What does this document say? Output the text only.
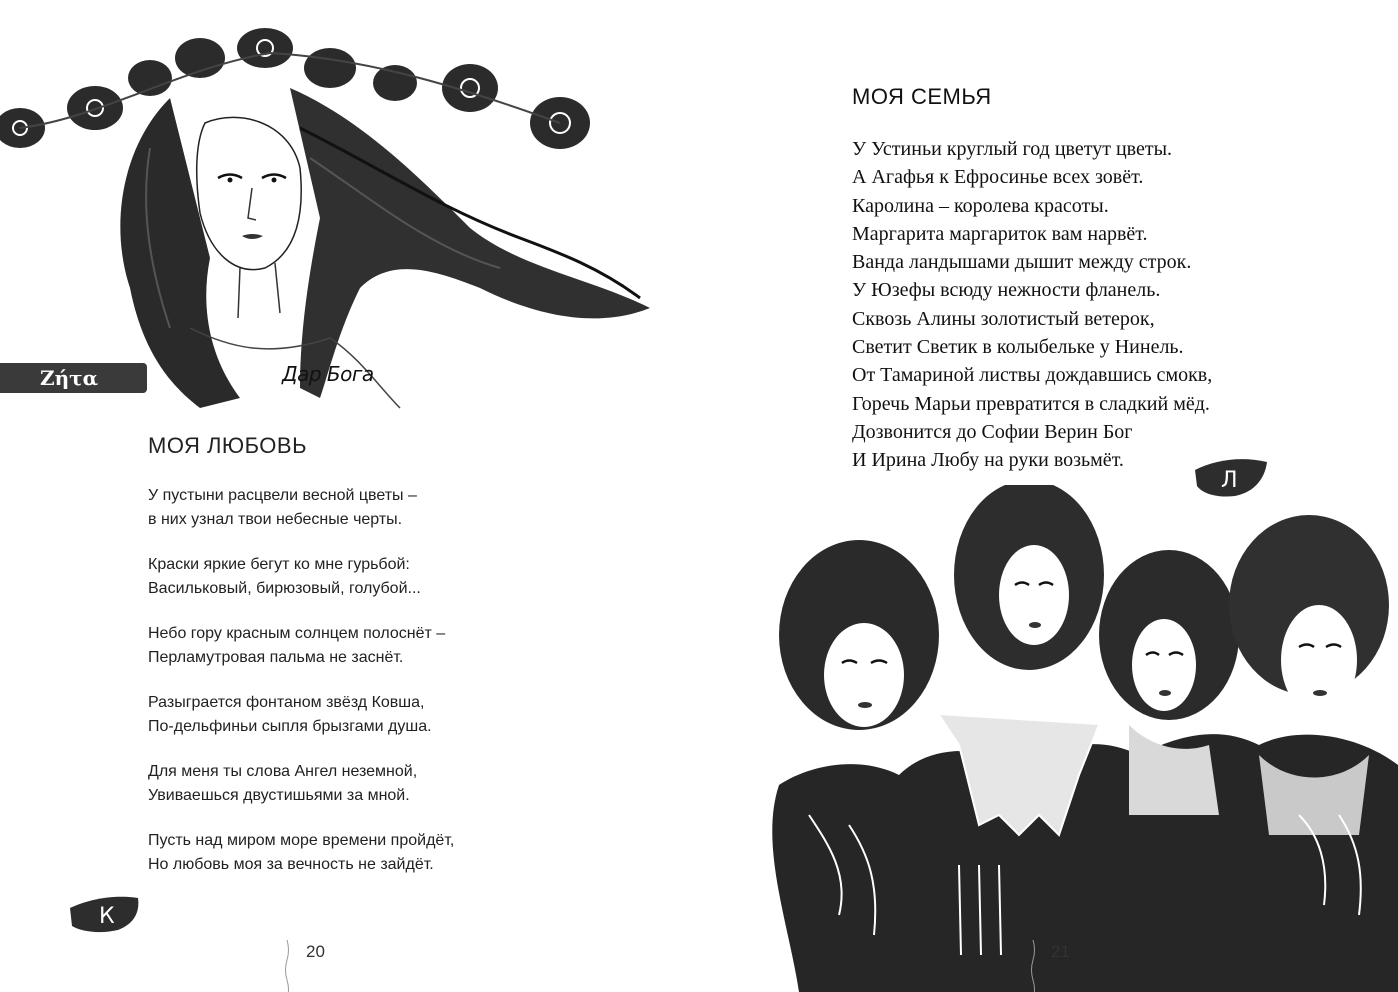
Ζήτα	Дар Бога
МОЯ ЛЮБОВЬ
У пустыни расцвели весной цветы –
в них узнал твои небесные черты.
Краски яркие бегут ко мне гурьбой:
Васильковый, бирюзовый, голубой...
Небо гору красным солнцем полоснёт –
Перламутровая пальма не заснёт.
Разыграется фонтаном звёзд Ковша,
По-дельфиньи сыпля брызгами душа.
Для меня ты слова Ангел неземной,
Увиваешься двустишьями за мной.
Пусть над миром море времени пройдёт,
Но любовь моя за вечность не зайдёт.
К
20
МОЯ СЕМЬЯ
У Устиньи круглый год цветут цветы.
А Агафья к Ефросинье всех зовёт.
Каролина – королева красоты.
Маргарита маргариток вам нарвёт.
Ванда ландышами дышит между строк.
У Юзефы всюду нежности фланель.
Сквозь Алины золотистый ветерок,
Светит Светик в колыбельке у Нинель.
От Тамариной листвы дождавшись смокв,
Горечь Марьи превратится в сладкий мёд.
Дозвонится до Софии Верин Бог
И Ирина Любу на руки возьмёт.
Л
21
